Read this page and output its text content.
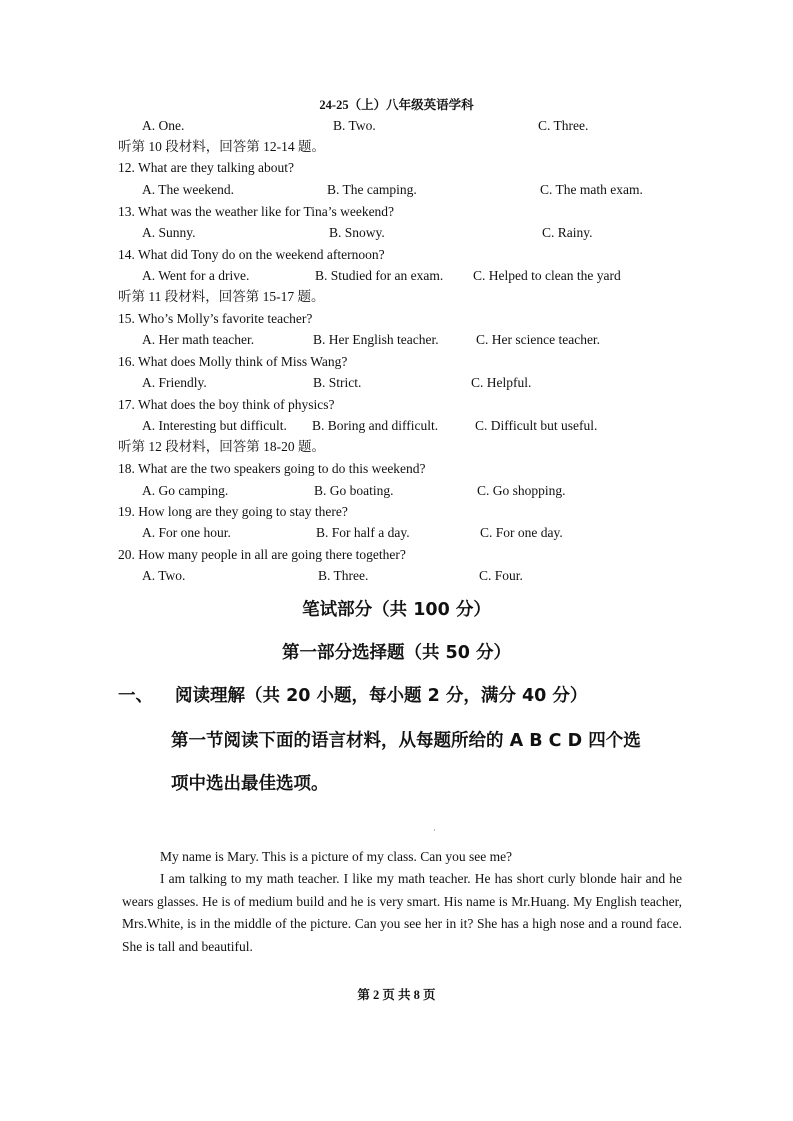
24-25（上）八年级英语学科
A. One.	B. Two.	C. Three.
听第 10 段材料，回答第 12-14 题。
12. What are they talking about?
A. The weekend.	B. The camping.	C. The math exam.
13. What was the weather like for Tina’s weekend?
A. Sunny.	B. Snowy.	C. Rainy.
14. What did Tony do on the weekend afternoon?
A. Went for a drive.	B. Studied for an exam. C. Helped to clean the yard
听第 11 段材料，回答第 15-17 题。
15. Who’s Molly’s favorite teacher?
A. Her math teacher.	B. Her English teacher.	C. Her science teacher.
16. What does Molly think of Miss Wang?
A. Friendly.	B. Strict.	C. Helpful.
17. What does the boy think of physics?
A. Interesting but difficult. B. Boring and difficult.	C. Difficult but useful.
听第 12 段材料，回答第 18-20 题。
18. What are the two speakers going to do this weekend?
A. Go camping.	B. Go boating.	C. Go shopping.
19. How long are they going to stay there?
A. For one hour.	B. For half a day.	C. For one day.
20. How many people in all are going there together?
A. Two.	B. Three.	C. Four.
笔试部分（共 100 分）
第一部分选择题（共 50 分）
一、 阅读理解（共 20 小题，每小题 2 分，满分 40 分）
第一节阅读下面的语言材料，从每题所给的 A B C D 四个选
项中选出最佳选项。
·

My name is Mary. This is a picture of my class. Can you see me?

I am talking to my math teacher. I like my math teacher. He has short curly blonde hair and he wears glasses. He is of medium build and he is very smart. His name is Mr.Huang. My English teacher, Mrs.White, is in the middle of the picture. Can you see her in it? She has a high nose and a round face. She is tall and beautiful.

第 2 页 共 8 页
